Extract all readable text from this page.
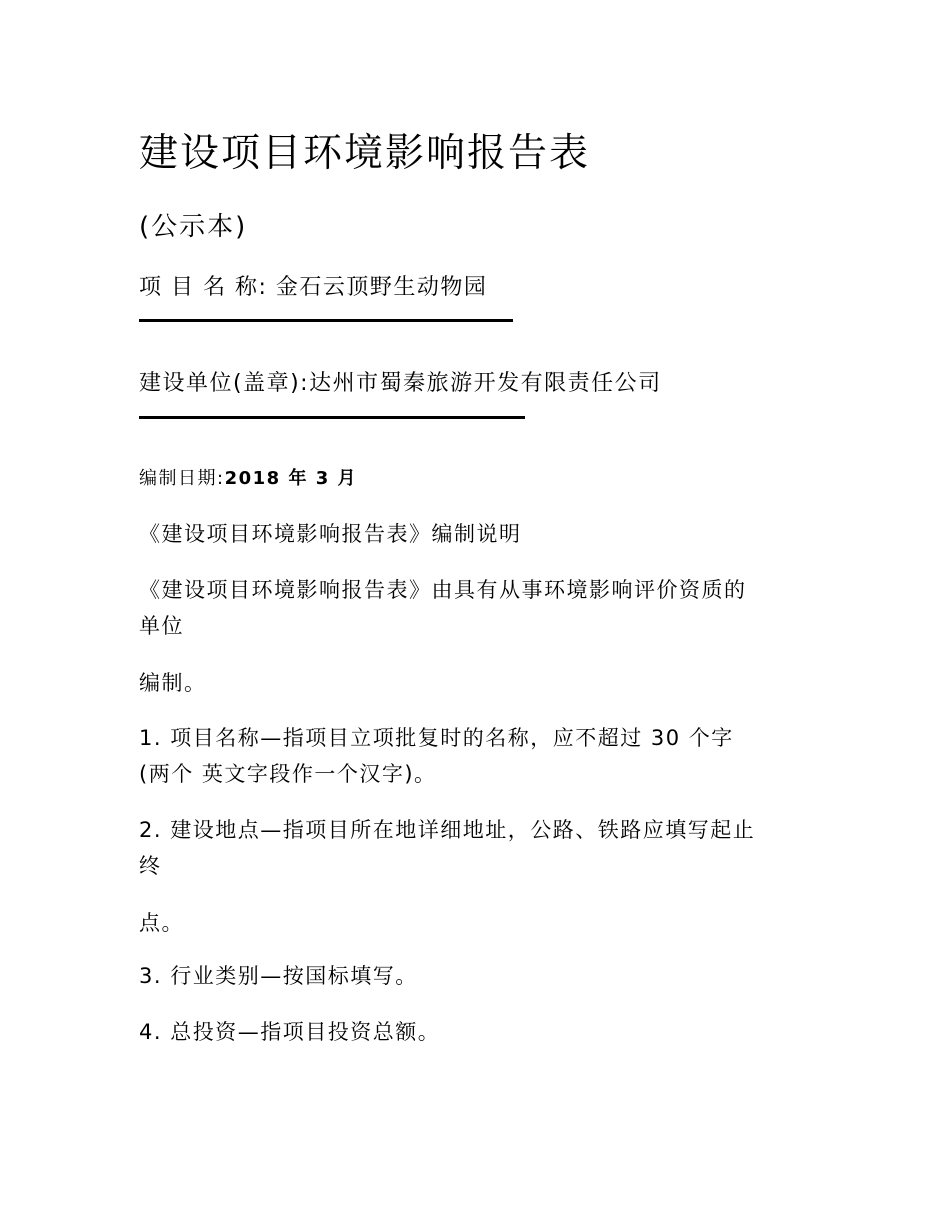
建设项目环境影响报告表
(公示本)
项 目 名 称: 金石云顶野生动物园
建设单位(盖章):达州市蜀秦旅游开发有限责任公司
编制日期:2018 年 3 月
《建设项目环境影响报告表》编制说明
《建设项目环境影响报告表》由具有从事环境影响评价资质的
单位
编制。
1. 项目名称—指项目立项批复时的名称，应不超过 30 个字
(两个 英文字段作一个汉字)。
2. 建设地点—指项目所在地详细地址，公路、铁路应填写起止
终
点。
3. 行业类别—按国标填写。
4. 总投资—指项目投资总额。
